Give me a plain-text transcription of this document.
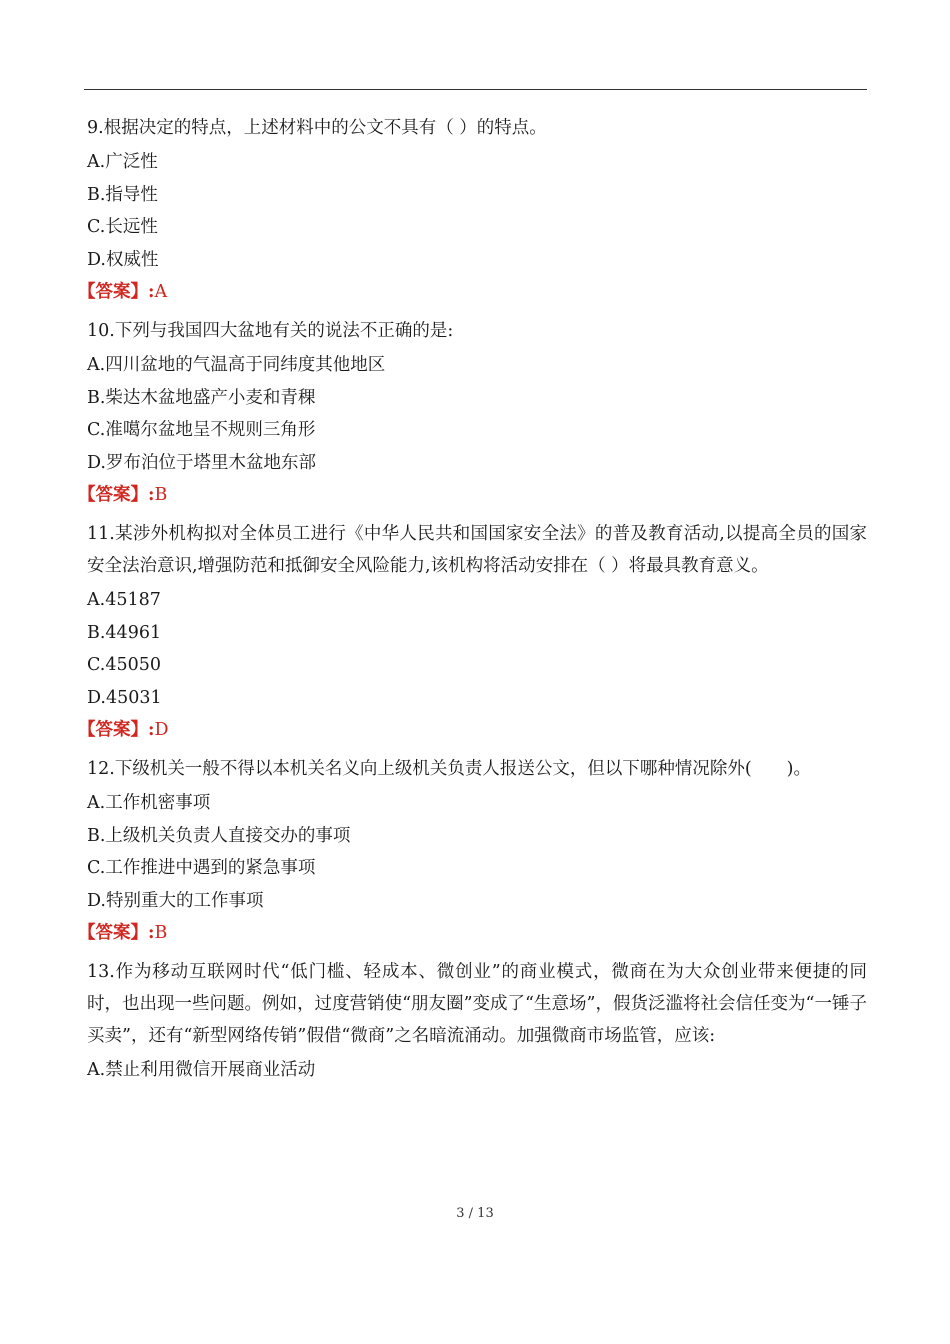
9.根据决定的特点，上述材料中的公文不具有（ ）的特点。

A.广泛性

B.指导性

C.长远性

D.权威性

【答案】:A

10.下列与我国四大盆地有关的说法不正确的是:

A.四川盆地的气温高于同纬度其他地区

B.柴达木盆地盛产小麦和青稞

C.准噶尔盆地呈不规则三角形

D.罗布泊位于塔里木盆地东部

【答案】:B

11.某涉外机构拟对全体员工进行《中华人民共和国国家安全法》的普及教育活动,以提高全员的国家安全法治意识,增强防范和抵御安全风险能力,该机构将活动安排在（ ）将最具教育意义。

A.45187

B.44961

C.45050

D.45031

【答案】:D

12.下级机关一般不得以本机关名义向上级机关负责人报送公文，但以下哪种情况除外(　　)。

A.工作机密事项

B.上级机关负责人直接交办的事项

C.工作推进中遇到的紧急事项

D.特别重大的工作事项

【答案】:B

13.作为移动互联网时代“低门槛、轻成本、微创业”的商业模式，微商在为大众创业带来便捷的同时，也出现一些问题。例如，过度营销使“朋友圈”变成了“生意场”，假货泛滥将社会信任变为“一锤子买卖”，还有“新型网络传销”假借“微商”之名暗流涌动。加强微商市场监管，应该:

A.禁止利用微信开展商业活动

3 / 13
